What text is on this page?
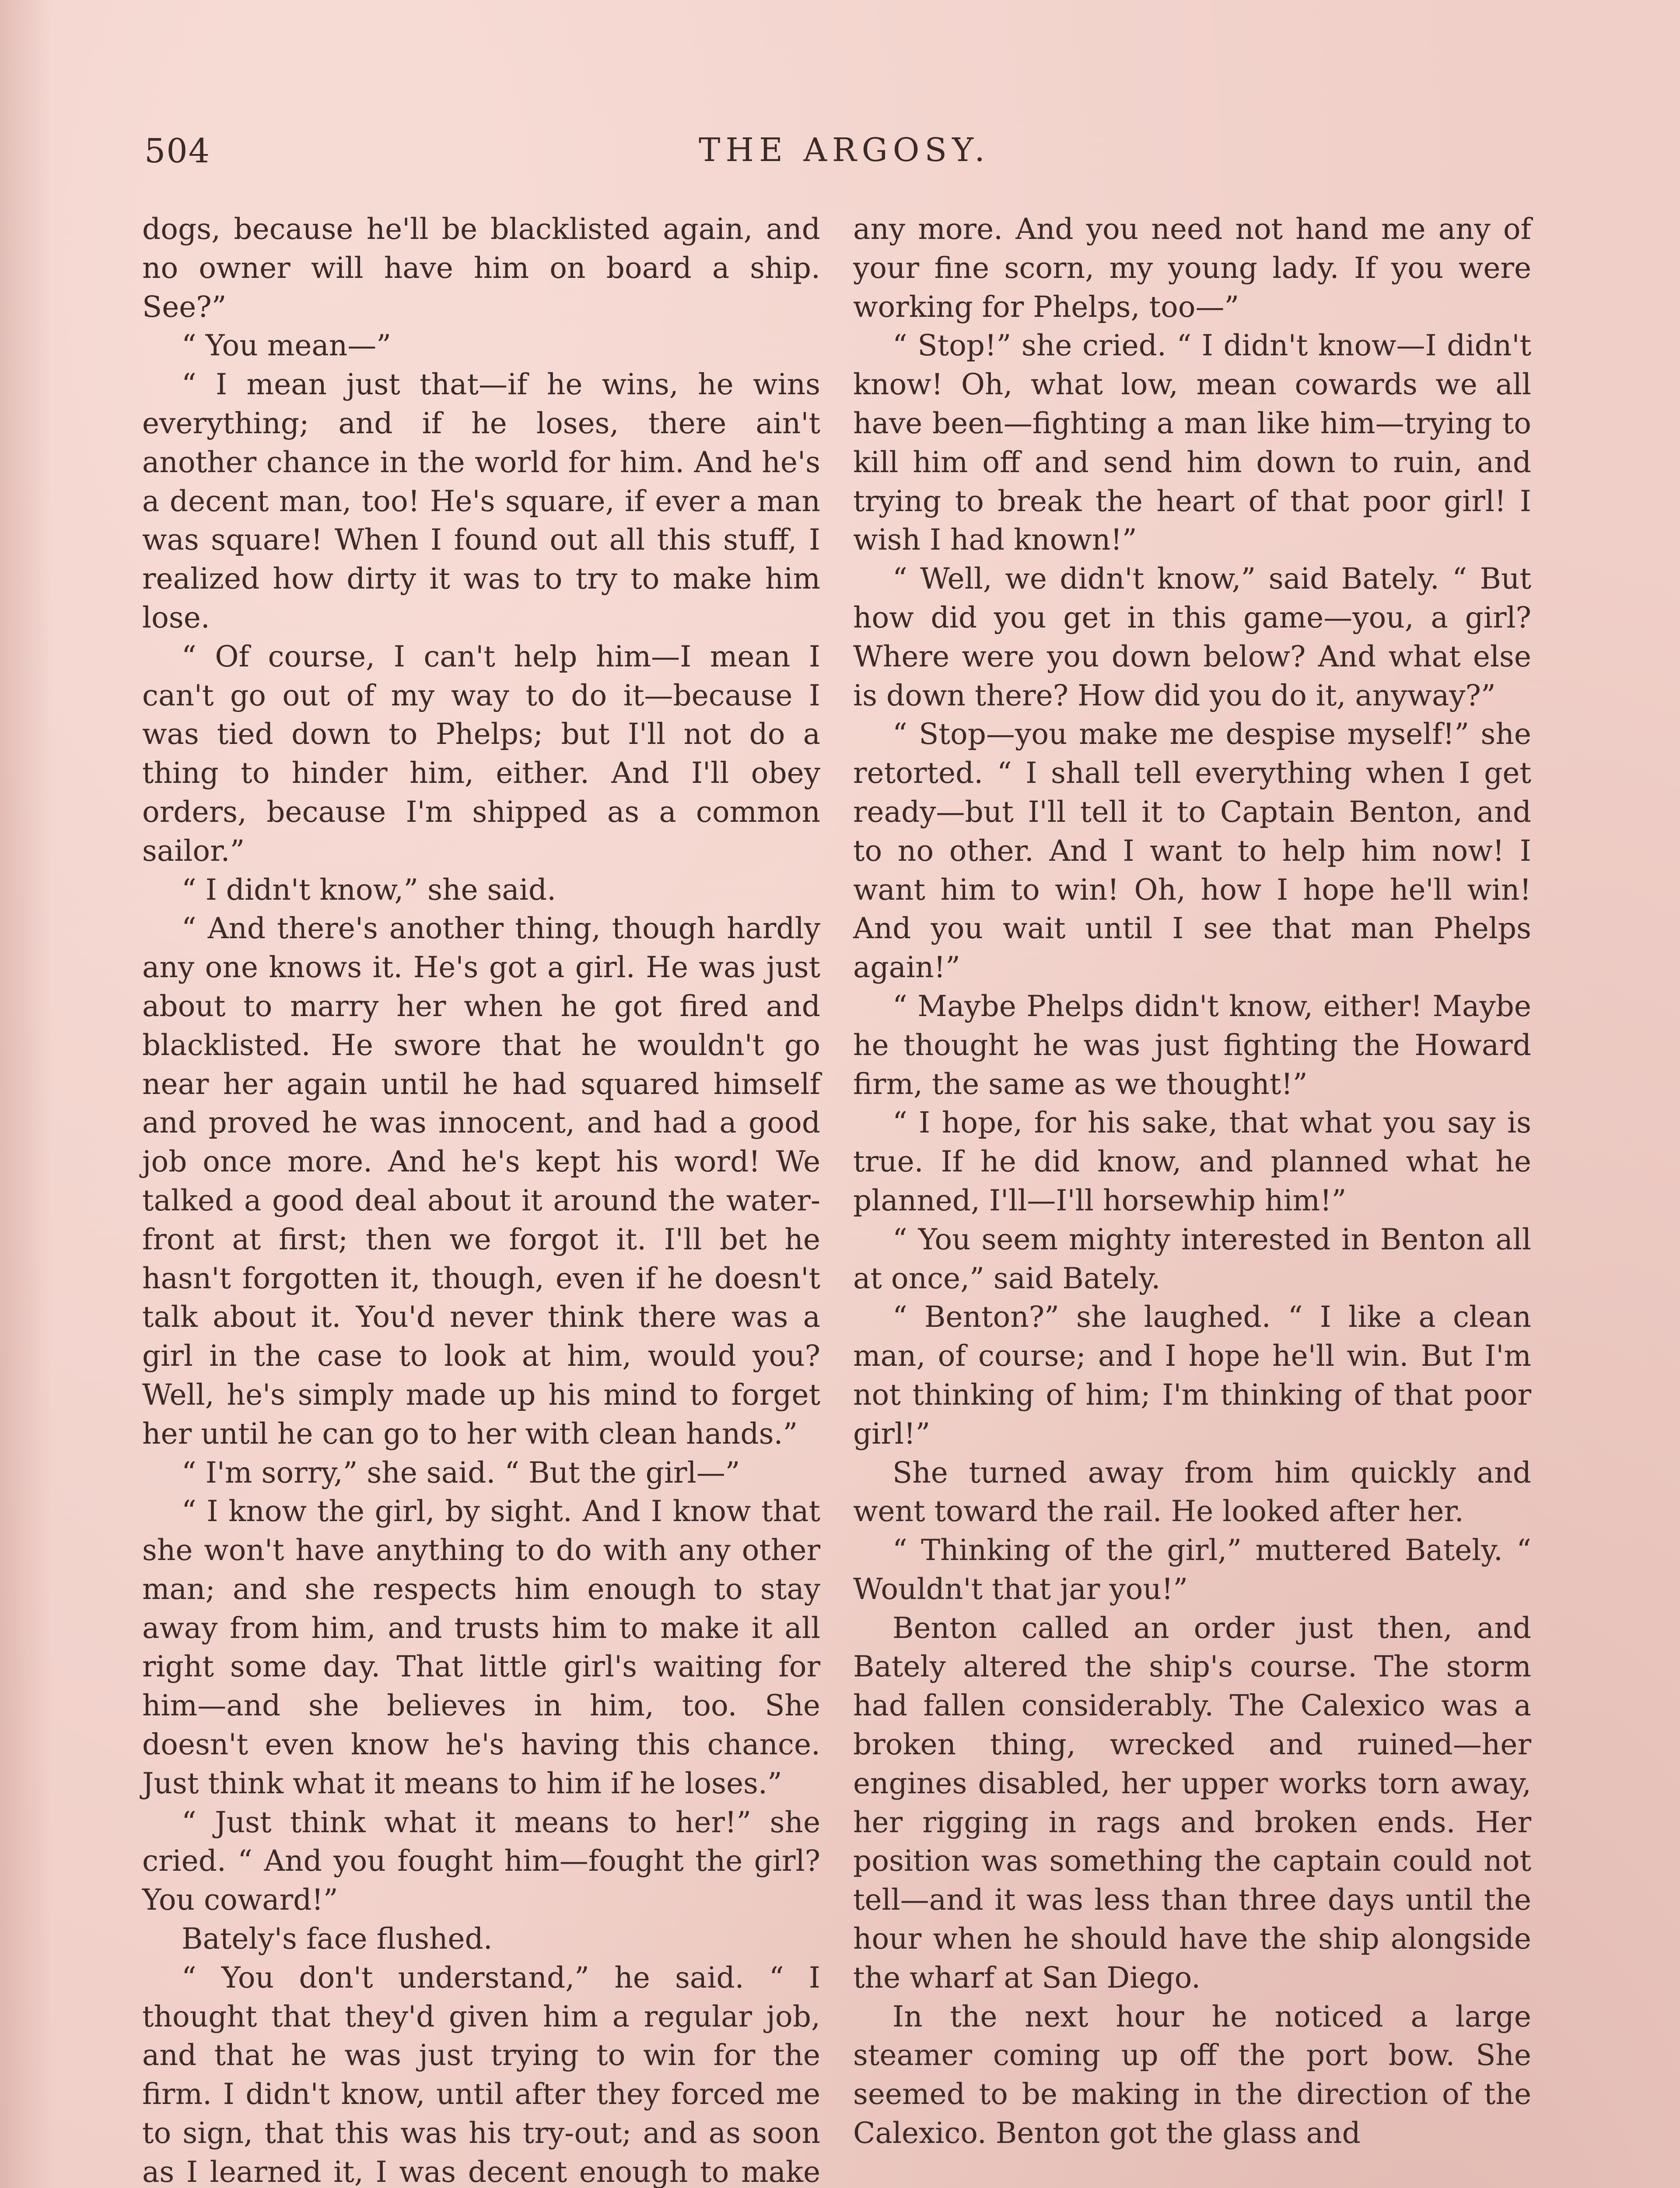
504	THE ARGOSY.

dogs, because he'll be blacklisted again, and no owner will have him on board a ship. See?”

“ You mean—”

“ I mean just that—if he wins, he wins everything; and if he loses, there ain't another chance in the world for him. And he's a decent man, too! He's square, if ever a man was square! When I found out all this stuff, I realized how dirty it was to try to make him lose.

“ Of course, I can't help him—I mean I can't go out of my way to do it—because I was tied down to Phelps; but I'll not do a thing to hinder him, either. And I'll obey orders, because I'm shipped as a common sailor.”

“ I didn't know,” she said.

“ And there's another thing, though hardly any one knows it. He's got a girl. He was just about to marry her when he got fired and blacklisted. He swore that he wouldn't go near her again until he had squared himself and proved he was innocent, and had a good job once more. And he's kept his word! We talked a good deal about it around the water-front at first; then we forgot it. I'll bet he hasn't forgotten it, though, even if he doesn't talk about it. You'd never think there was a girl in the case to look at him, would you? Well, he's simply made up his mind to forget her until he can go to her with clean hands.”

“ I'm sorry,” she said. “ But the girl—”

“ I know the girl, by sight. And I know that she won't have anything to do with any other man; and she respects him enough to stay away from him, and trusts him to make it all right some day. That little girl's waiting for him—and she believes in him, too. She doesn't even know he's having this chance. Just think what it means to him if he loses.”

“ Just think what it means to her!” she cried. “ And you fought him—fought the girl? You coward!”

Bately's face flushed.

“ You don't understand,” he said. “ I thought that they'd given him a regular job, and that he was just trying to win for the firm. I didn't know, until after they forced me to sign, that this was his try-out; and as soon as I learned it, I was decent enough to make

any more. And you need not hand me any of your fine scorn, my young lady. If you were working for Phelps, too—”

“ Stop!” she cried. “ I didn't know—I didn't know! Oh, what low, mean cowards we all have been—fighting a man like him—trying to kill him off and send him down to ruin, and trying to break the heart of that poor girl! I wish I had known!”

“ Well, we didn't know,” said Bately. “ But how did you get in this game—you, a girl? Where were you down below? And what else is down there? How did you do it, anyway?”

“ Stop—you make me despise myself!” she retorted. “ I shall tell everything when I get ready—but I'll tell it to Captain Benton, and to no other. And I want to help him now! I want him to win! Oh, how I hope he'll win! And you wait until I see that man Phelps again!”

“ Maybe Phelps didn't know, either! Maybe he thought he was just fighting the Howard firm, the same as we thought!”

“ I hope, for his sake, that what you say is true. If he did know, and planned what he planned, I'll—I'll horsewhip him!”

“ You seem mighty interested in Benton all at once,” said Bately.

“ Benton?” she laughed. “ I like a clean man, of course; and I hope he'll win. But I'm not thinking of him; I'm thinking of that poor girl!”

She turned away from him quickly and went toward the rail. He looked after her.

“ Thinking of the girl,” muttered Bately. “ Wouldn't that jar you!”

Benton called an order just then, and Bately altered the ship's course. The storm had fallen considerably. The Calexico was a broken thing, wrecked and ruined—her engines disabled, her upper works torn away, her rigging in rags and broken ends. Her position was something the captain could not tell—and it was less than three days until the hour when he should have the ship alongside the wharf at San Diego.

In the next hour he noticed a large steamer coming up off the port bow. She seemed to be making in the direction of the Calexico. Benton got the glass and
